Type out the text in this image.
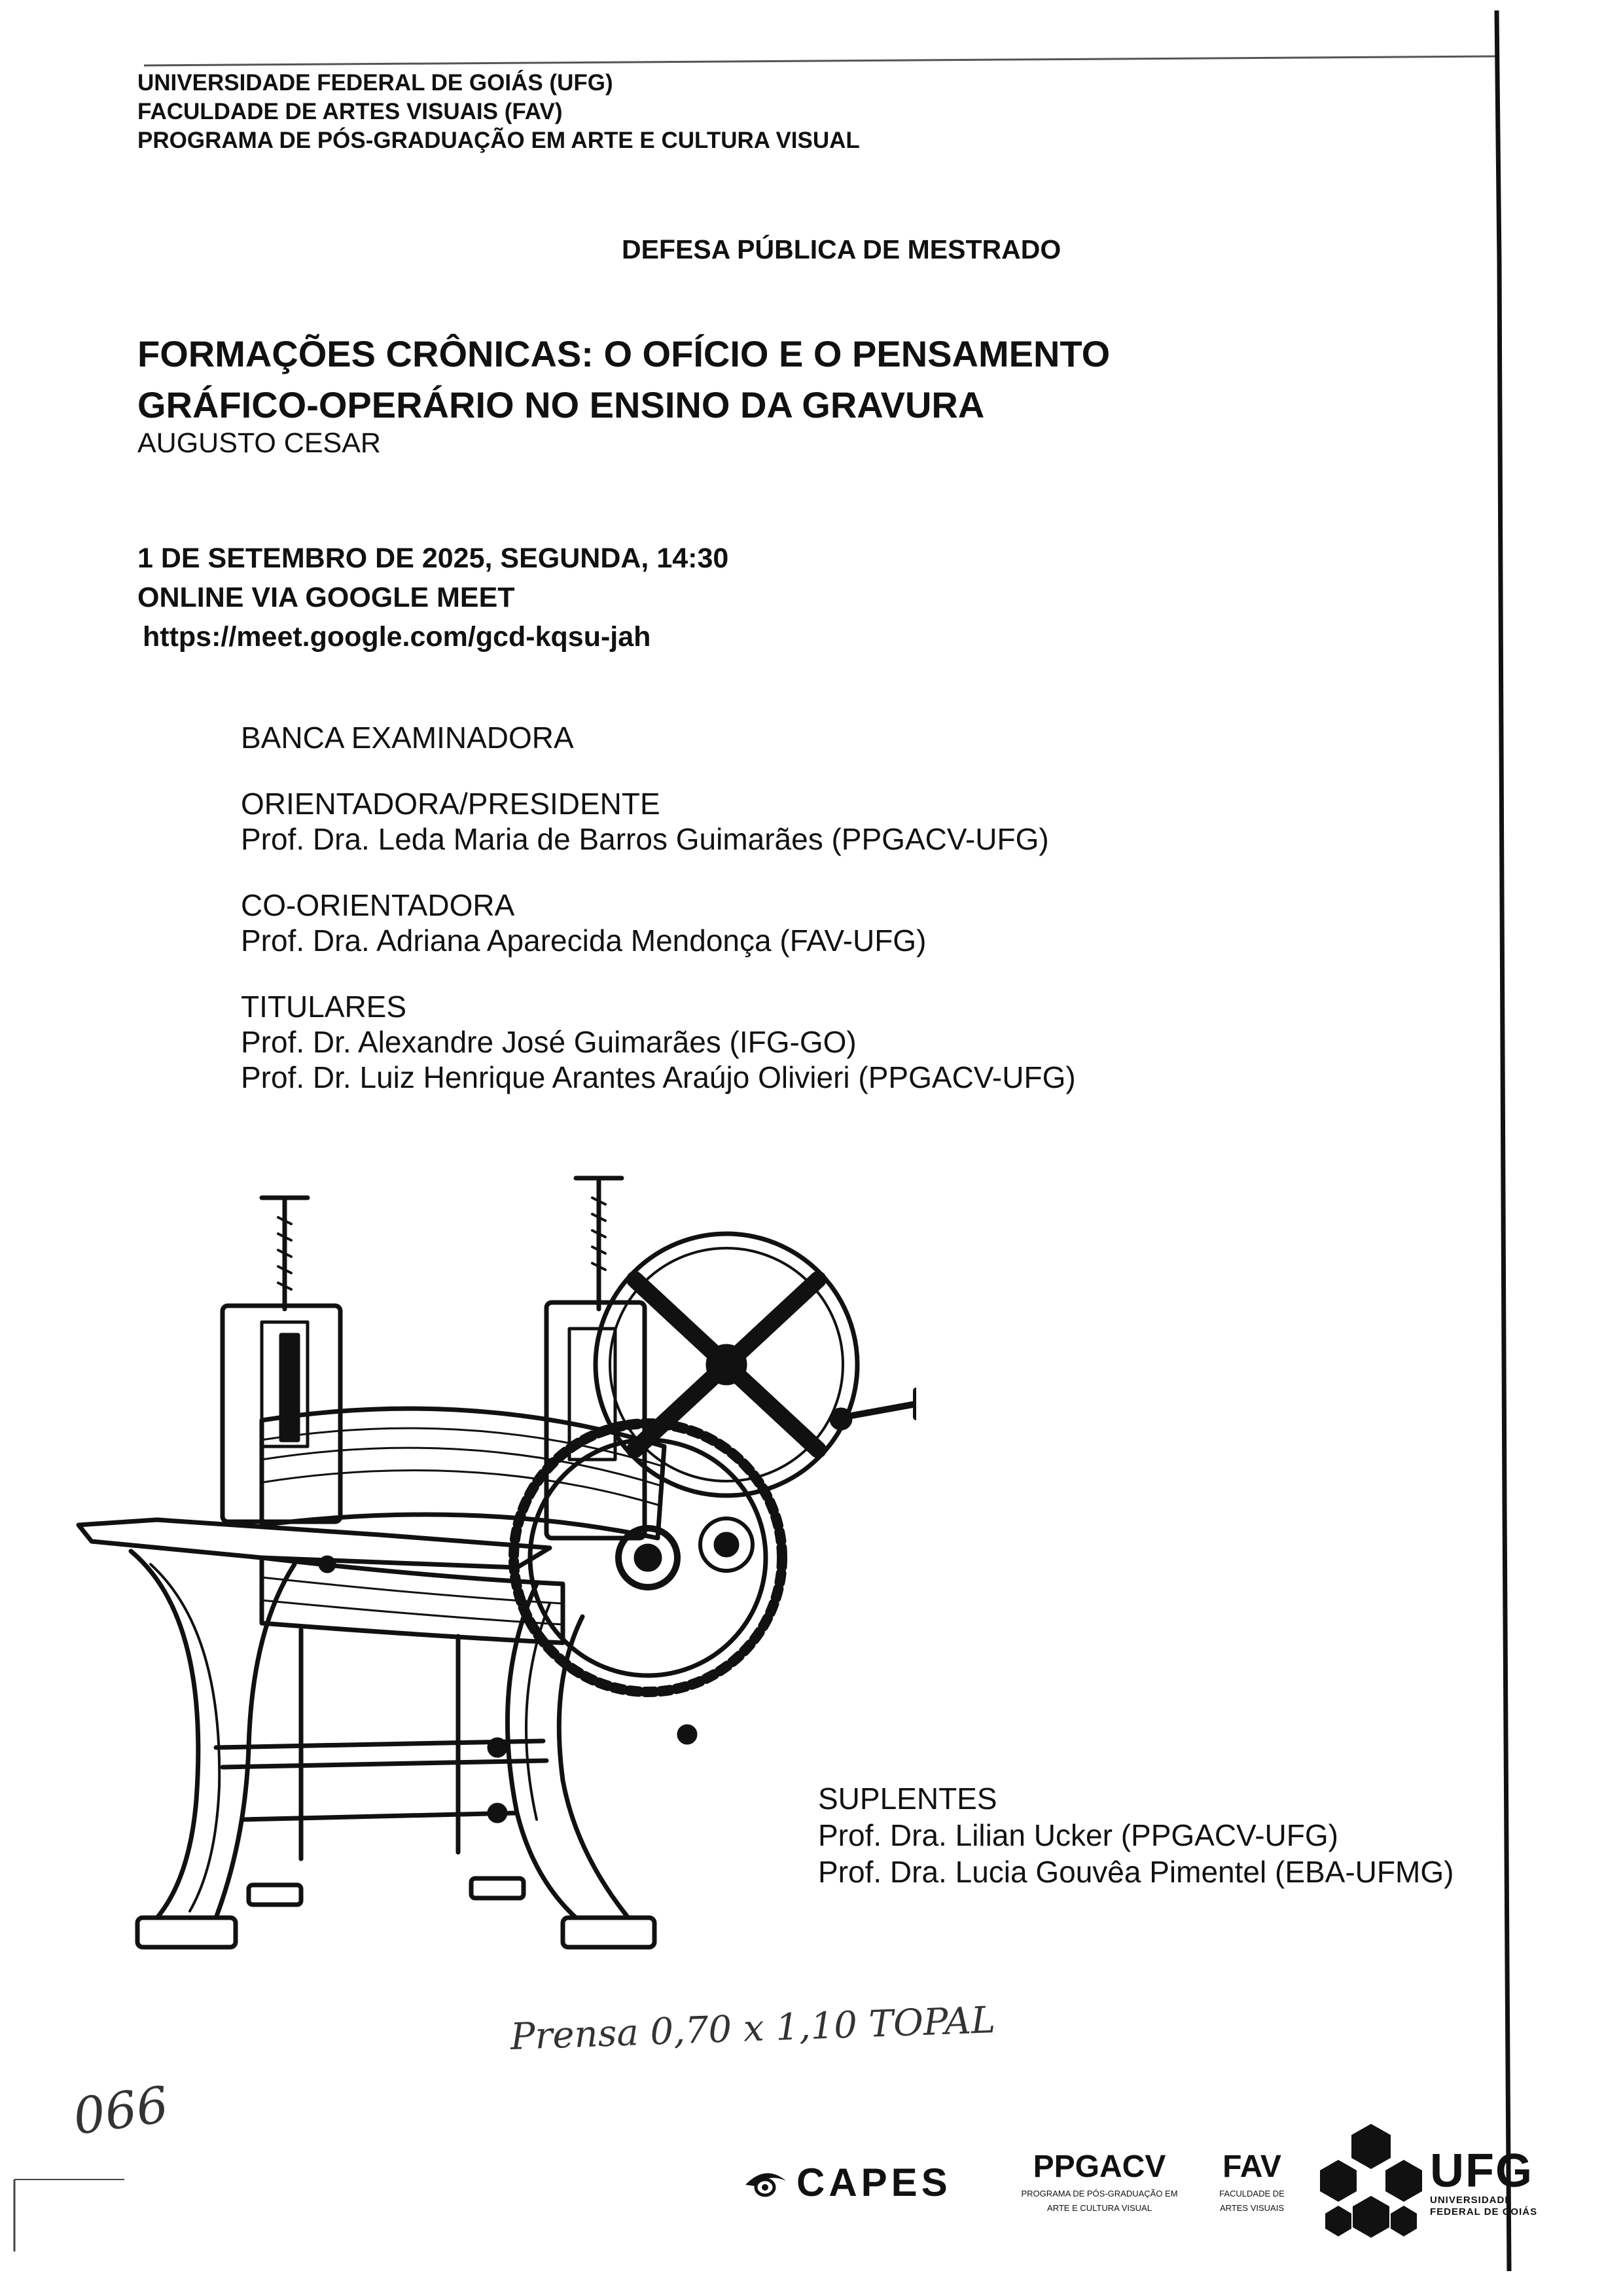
UNIVERSIDADE FEDERAL DE GOIÁS (UFG)
FACULDADE DE ARTES VISUAIS (FAV)
PROGRAMA DE PÓS-GRADUAÇÃO EM ARTE E CULTURA VISUAL
DEFESA PÚBLICA DE MESTRADO
FORMAÇÕES CRÔNICAS: O OFÍCIO E O PENSAMENTO
GRÁFICO-OPERÁRIO NO ENSINO DA GRAVURA
AUGUSTO CESAR
1 DE SETEMBRO DE 2025, SEGUNDA, 14:30
ONLINE VIA GOOGLE MEET
https://meet.google.com/gcd-kqsu-jah
BANCA EXAMINADORA
ORIENTADORA/PRESIDENTE
Prof. Dra. Leda Maria de Barros Guimarães (PPGACV-UFG)
CO-ORIENTADORA
Prof. Dra. Adriana Aparecida Mendonça (FAV-UFG)
TITULARES
Prof. Dr. Alexandre José Guimarães (IFG-GO)
Prof. Dr. Luiz Henrique Arantes Araújo Olivieri (PPGACV-UFG)
SUPLENTES
Prof. Dra. Lilian Ucker (PPGACV-UFG)
Prof. Dra. Lucia Gouvêa Pimentel (EBA-UFMG)
Prensa 0,70 x 1,10 TOPAL
066
CAPES	PPGACV
PROGRAMA DE PÓS-GRADUAÇÃO EM
ARTE E CULTURA VISUAL
FAV
FACULDADE DE
ARTES VISUAIS
UFG
UNIVERSIDADE
FEDERAL DE GOIÁS
